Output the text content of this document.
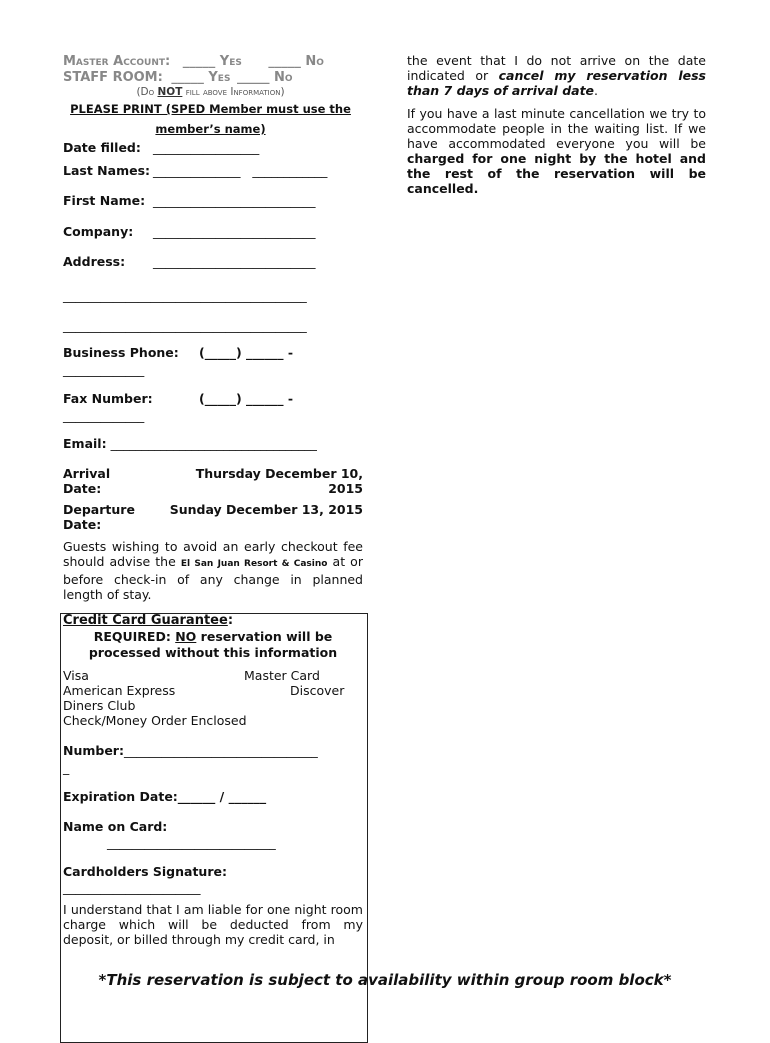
Master Account: _____ Yes _____ No
STAFF ROOM: _____ Yes _____ No
(Do NOT fill above Information)
PLEASE PRINT (SPED Member must use the
member’s name)
Date filled: _________________
Last Names: ______________   ____________
First Name: __________________________
Company: __________________________
Address: __________________________
_______________________________________
_______________________________________
Business Phone: (_____) ______ -
_____________
Fax Number:	(_____) ______ -
_____________
Email: _________________________________
Arrival
Date:
Thursday December 10,
2015
Departure
Date:
Sunday December 13, 2015
Guests wishing to avoid an early checkout fee should advise the El San Juan Resort & Casino at or before check-in of any change in planned length of stay.
Credit Card Guarantee:
REQUIRED: NO reservation will be
processed without this information
Visa	Master Card
American Express	Discover
Diners Club
Check/Money Order Enclosed
Number:_______________________________
_
Expiration Date:______ / ______
Name on Card:
___________________________
Cardholders Signature:
______________________
I understand that I am liable for one night room charge which will be deducted from my deposit, or billed through my credit card, in
the event that I do not arrive on the date indicated or cancel my reservation less than 7 days of arrival date.
If you have a last minute cancellation we try to accommodate people in the waiting list. If we have accommodated everyone you will be charged for one night by the hotel and the rest of the reservation will be cancelled.
*This reservation is subject to availability within group room block*
